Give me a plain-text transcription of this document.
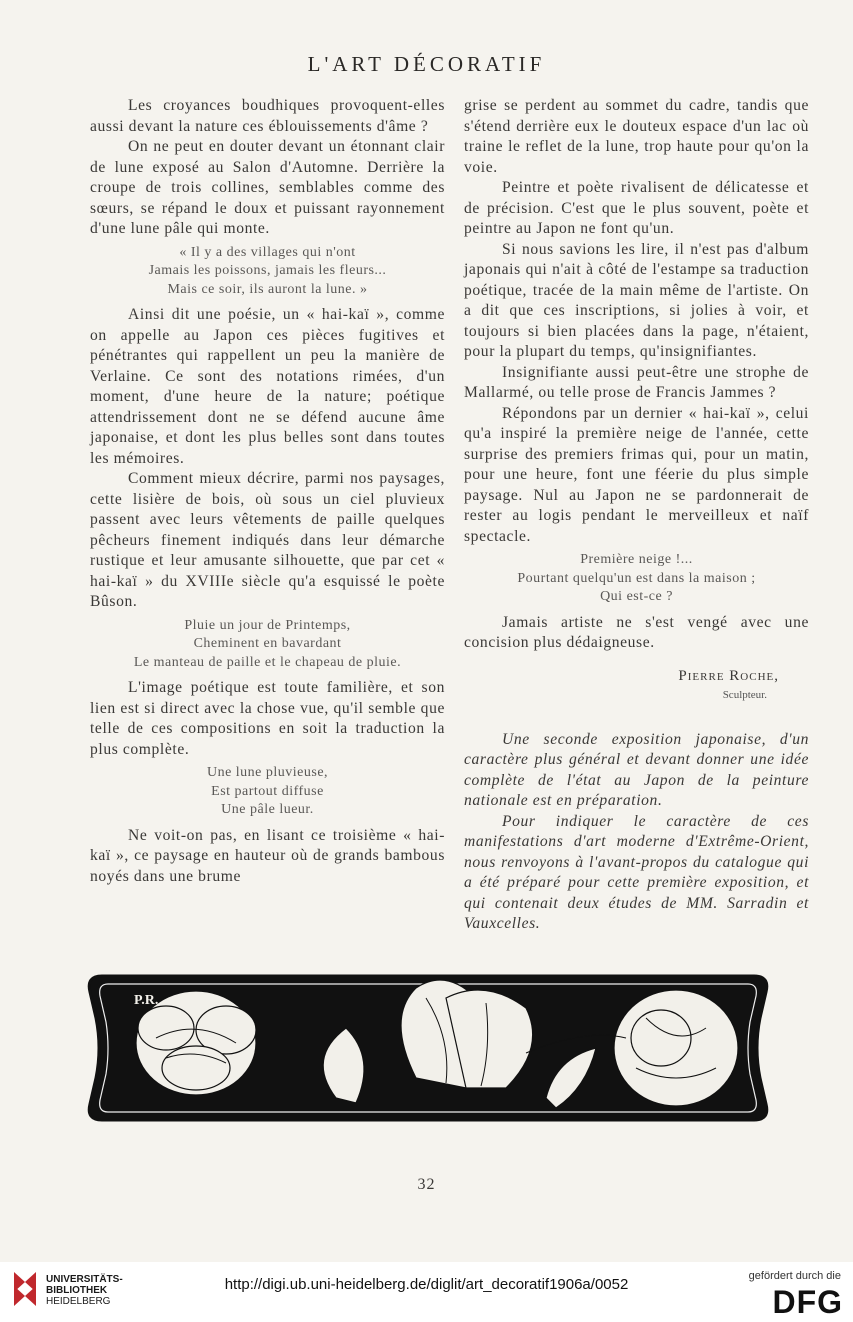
L'ART DÉCORATIF

Les croyances boudhiques provoquent-elles aussi devant la nature ces éblouissements d'âme ?

On ne peut en douter devant un étonnant clair de lune exposé au Salon d'Automne. Derrière la croupe de trois collines, semblables comme des sœurs, se répand le doux et puissant rayonnement d'une lune pâle qui monte.

« Il y a des villages qui n'ont
Jamais les poissons, jamais les fleurs...
Mais ce soir, ils auront la lune. »

Ainsi dit une poésie, un « hai-kaï », comme on appelle au Japon ces pièces fugitives et pénétrantes qui rappellent un peu la manière de Verlaine. Ce sont des notations rimées, d'un moment, d'une heure de la nature; poétique attendrissement dont ne se défend aucune âme japonaise, et dont les plus belles sont dans toutes les mémoires.

Comment mieux décrire, parmi nos paysages, cette lisière de bois, où sous un ciel pluvieux passent avec leurs vêtements de paille quelques pêcheurs finement indiqués dans leur démarche rustique et leur amusante silhouette, que par cet « hai-kaï » du XVIIIe siècle qu'a esquissé le poète Bûson.

Pluie un jour de Printemps,
Cheminent en bavardant
Le manteau de paille et le chapeau de pluie.

L'image poétique est toute familière, et son lien est si direct avec la chose vue, qu'il semble que telle de ces compositions en soit la traduction la plus complète.

Une lune pluvieuse,
Est partout diffuse
Une pâle lueur.

Ne voit-on pas, en lisant ce troisième « hai-kaï », ce paysage en hauteur où de grands bambous noyés dans une brume

grise se perdent au sommet du cadre, tandis que s'étend derrière eux le douteux espace d'un lac où traine le reflet de la lune, trop haute pour qu'on la voie.

Peintre et poète rivalisent de délicatesse et de précision. C'est que le plus souvent, poète et peintre au Japon ne font qu'un.

Si nous savions les lire, il n'est pas d'album japonais qui n'ait à côté de l'estampe sa traduction poétique, tracée de la main même de l'artiste. On a dit que ces inscriptions, si jolies à voir, et toujours si bien placées dans la page, n'étaient, pour la plupart du temps, qu'insignifiantes.

Insignifiante aussi peut-être une strophe de Mallarmé, ou telle prose de Francis Jammes ?

Répondons par un dernier « hai-kaï », celui qu'a inspiré la première neige de l'année, cette surprise des premiers frimas qui, pour un matin, pour une heure, font une féerie du plus simple paysage. Nul au Japon ne se pardonnerait de rester au logis pendant le merveilleux et naïf spectacle.

Première neige !...
Pourtant quelqu'un est dans la maison ;
Qui est-ce ?

Jamais artiste ne s'est vengé avec une concision plus dédaigneuse.

Pierre Roche,
Sculpteur.

Une seconde exposition japonaise, d'un caractère plus général et devant donner une idée complète de l'état au Japon de la peinture nationale est en préparation.

Pour indiquer le caractère de ces manifestations d'art moderne d'Extrême-Orient, nous renvoyons à l'avant-propos du catalogue qui a été préparé pour cette première exposition, et qui contenait deux études de MM. Sarradin et Vauxcelles.

P.R.
32
UNIVERSITÄTS-
BIBLIOTHEK
HEIDELBERG
http://digi.ub.uni-heidelberg.de/diglit/art_decoratif1906a/0052	gefördert durch die
DFG
